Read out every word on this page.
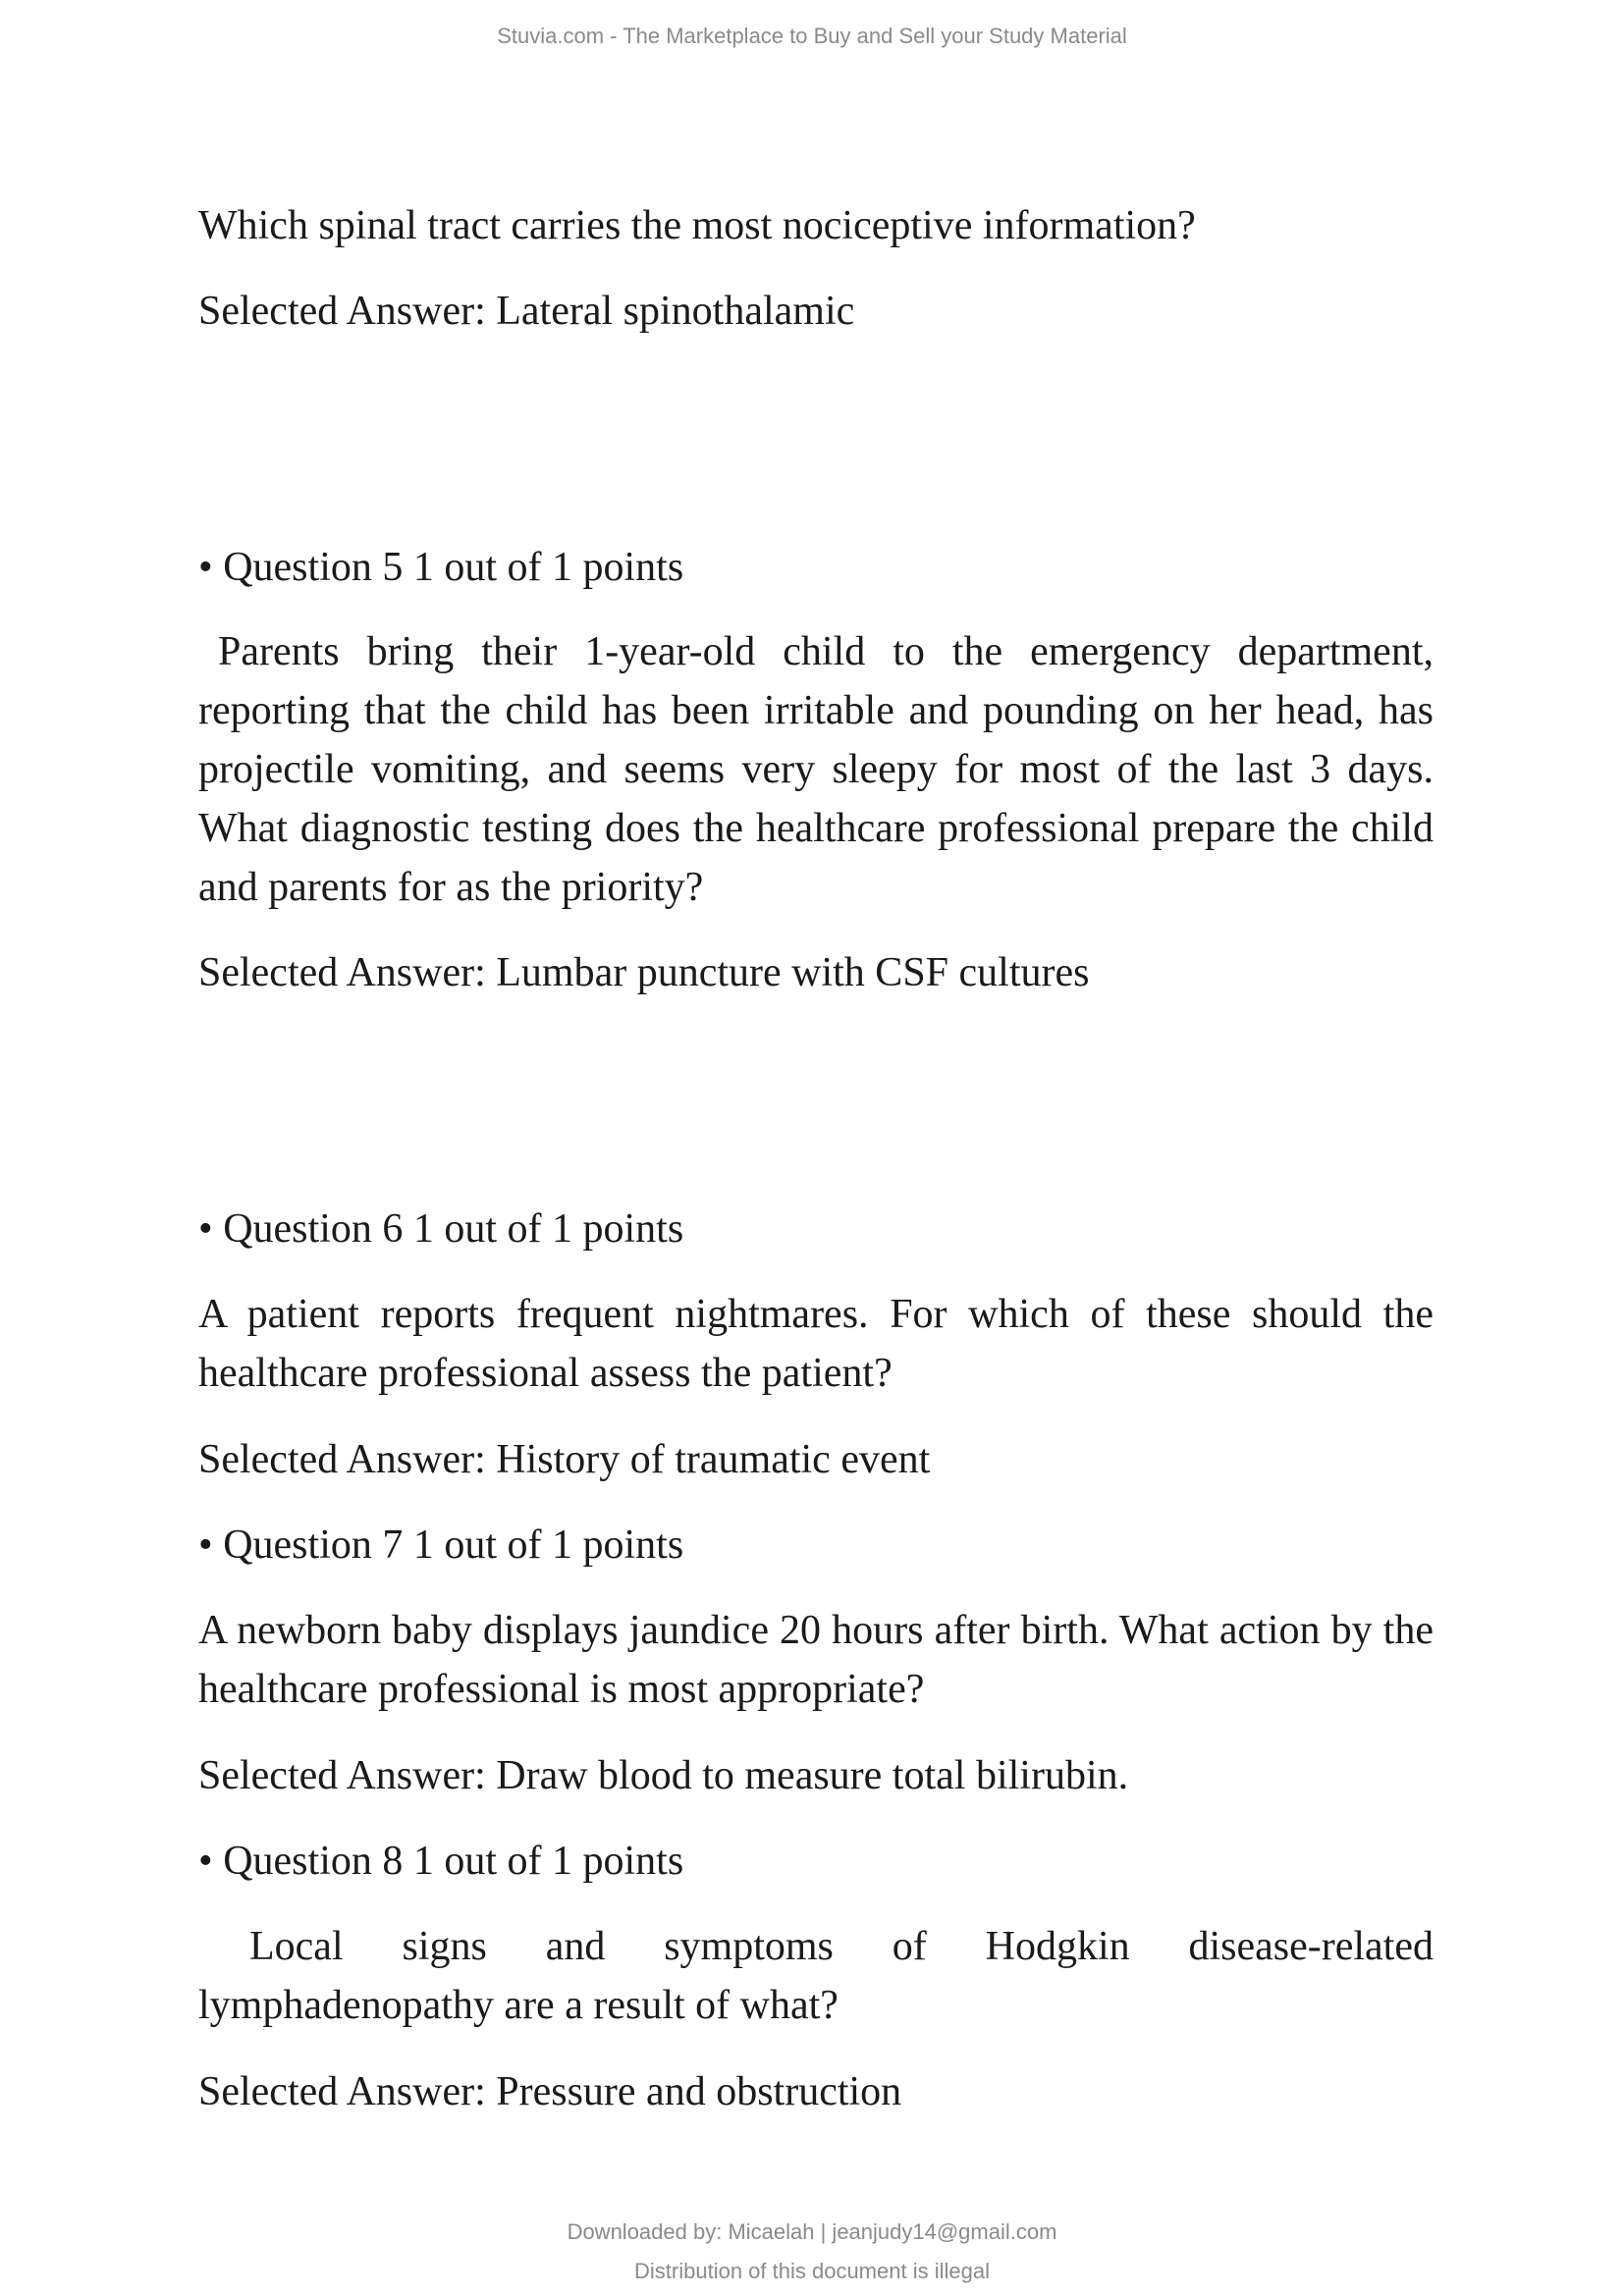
Stuvia.com - The Marketplace to Buy and Sell your Study Material
Which spinal tract carries the most nociceptive information?
Selected Answer: Lateral spinothalamic
• Question 5 1 out of 1 points
Parents bring their 1-year-old child to the emergency department, reporting that the child has been irritable and pounding on her head, has projectile vomiting, and seems very sleepy for most of the last 3 days. What diagnostic testing does the healthcare professional prepare the child and parents for as the priority?
Selected Answer: Lumbar puncture with CSF cultures
• Question 6 1 out of 1 points
A patient reports frequent nightmares. For which of these should the healthcare professional assess the patient?
Selected Answer: History of traumatic event
• Question 7 1 out of 1 points
A newborn baby displays jaundice 20 hours after birth. What action by the healthcare professional is most appropriate?
Selected Answer: Draw blood to measure total bilirubin.
• Question 8 1 out of 1 points
Local signs and symptoms of Hodgkin disease-related lymphadenopathy are a result of what?
Selected Answer: Pressure and obstruction
Downloaded by: Micaelah | jeanjudy14@gmail.com
Distribution of this document is illegal
